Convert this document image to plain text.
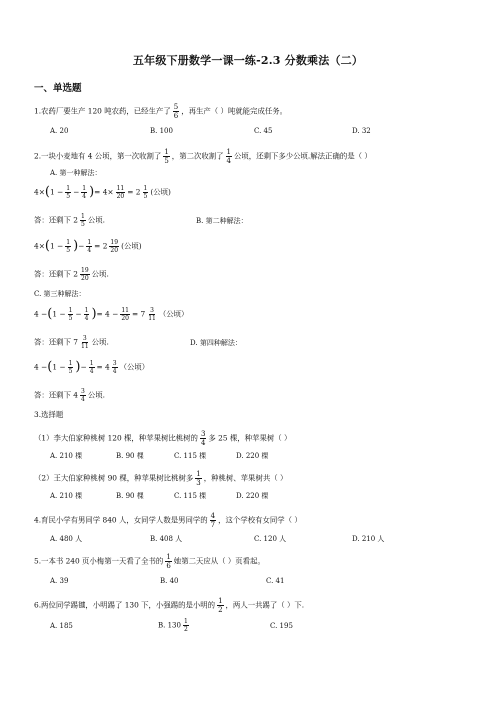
五年级下册数学一课一练-2.3 分数乘法（二）
一、单选题
1.农药厂要生产 120 吨农药，已经生产了 $\frac{5}{6}$ ，再生产（ ）吨就能完成任务。
A. 20	B. 100	C. 45	D. 32
2.一块小麦地有 4 公顷，第一次收割了 $\frac{1}{5}$ ，第二次收割了 $\frac{1}{4}$ 公顷，还剩下多少公顷.解法正确的是（ ）
A. 第一种解法：
$4\times(1 - \frac{1}{5} - \frac{1}{4}$ )= $4\times \frac{11}{20} = 2 \frac{1}{5}$ (公顷)
答：还剩下 $2 \frac{1}{5}$ 公顷.	B. 第二种解法：
$4\times(1 - \frac{1}{5}$ )− $\frac{1}{4} = 2 \frac{19}{20}$ (公顷)
答：还剩下 $2 \frac{19}{20}$ 公顷.
C. 第三种解法：
$4 -(1 - \frac{1}{5} - \frac{1}{4}$ )= $4 - \frac{11}{20} = 7 \frac{3}{11}$ （公顷）
答：还剩下 $7 \frac{3}{11}$ 公顷.	D. 第四种解法：
$4 -(1 - \frac{1}{5}$ )− $\frac{1}{4} = 4 \frac{3}{4}$ （公顷）
答：还剩下 $4 \frac{3}{4}$ 公顷.
3.选择题
（1）李大伯家种桃树 120 棵，种苹果树比桃树的 $\frac{3}{4}$ 多 25 棵，种苹果树（ ）
A. 210 棵	B. 90 棵	C. 115 棵	D. 220 棵
（2）王大伯家种桃树 90 棵，种苹果树比桃树多 $\frac{1}{3}$ ，种桃树、苹果树共（ ）
A. 210 棵	B. 90 棵	C. 115 棵	D. 220 棵
4.育民小学有男同学 840 人，女同学人数是男同学的 $\frac{4}{7}$ ，这个学校有女同学（ ）
A. 480 人	B. 408 人	C. 120 人	D. 210 人
5.一本书 240 页小梅第一天看了全书的 $\frac{1}{6}$ 她第二天应从（ ）页看起。
A. 39	B. 40	C. 41
6.两位同学踢毽，小明踢了 130 下，小强踢的是小明的 $\frac{1}{2}$ ，两人一共踢了（ ）下.
A. 185	B. $130 \frac{1}{2}$	C. 195
